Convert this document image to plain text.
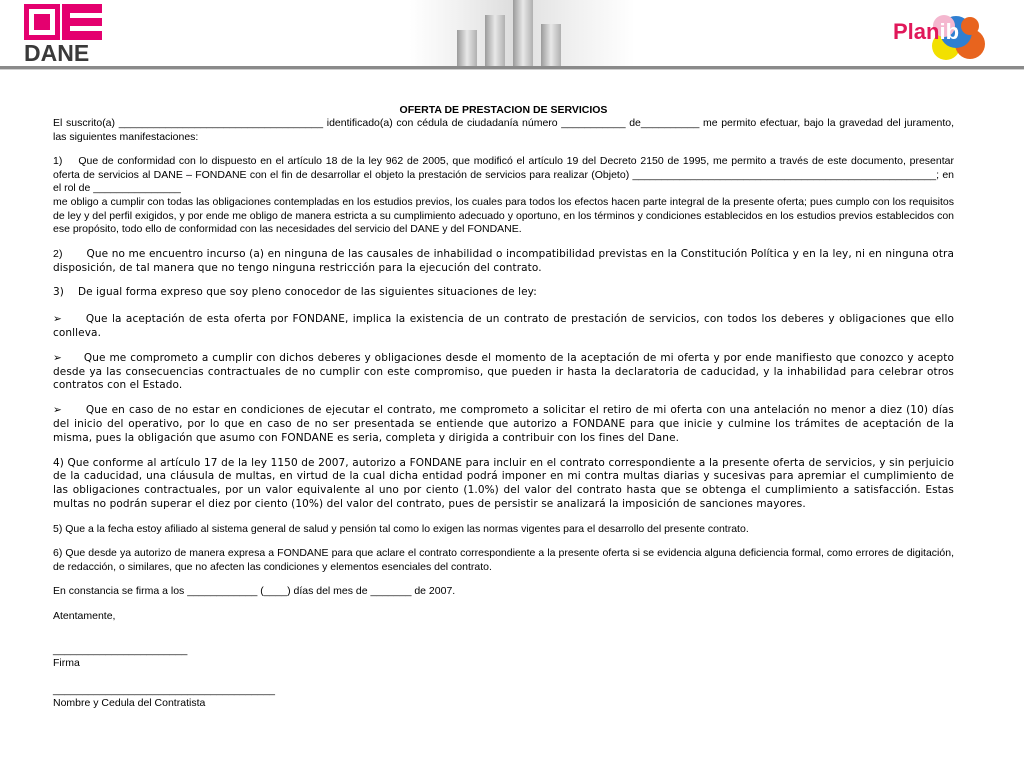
DANE
Planib
OFERTA DE PRESTACION DE SERVICIOS

El suscrito(a) ___________________________________ identificado(a) con cédula de ciudadanía número ___________ de__________ me permito efectuar, bajo la gravedad del juramento, las siguientes manifestaciones:

1) Que de conformidad con lo dispuesto en el artículo 18 de la ley 962 de 2005, que modificó el artículo 19 del Decreto 2150 de 1995, me permito a través de este documento, presentar oferta de servicios al DANE – FONDANE con el fin de desarrollar el objeto la prestación de servicios para realizar (Objeto) ____________________________________________________; en el rol de _______________

me obligo a cumplir con todas las obligaciones contempladas en los estudios previos, los cuales para todos los efectos hacen parte integral de la presente oferta; pues cumplo con los requisitos de ley y del perfil exigidos, y por ende me obligo de manera estricta a su cumplimiento adecuado y oportuno, en los términos y condiciones establecidos en los estudios previos establecidos con ese propósito, todo ello de conformidad con las necesidades del servicio del DANE y del FONDANE.

2) Que no me encuentro incurso (a) en ninguna de las causales de inhabilidad o incompatibilidad previstas en la Constitución Política y en la ley, ni en ninguna otra disposición, de tal manera que no tengo ninguna restricción para la ejecución del contrato.

3) De igual forma expreso que soy pleno conocedor de las siguientes situaciones de ley:

➢ Que la aceptación de esta oferta por FONDANE, implica la existencia de un contrato de prestación de servicios, con todos los deberes y obligaciones que ello conlleva.

➢ Que me comprometo a cumplir con dichos deberes y obligaciones desde el momento de la aceptación de mi oferta y por ende manifiesto que conozco y acepto desde ya las consecuencias contractuales de no cumplir con este compromiso, que pueden ir hasta la declaratoria de caducidad, y la inhabilidad para celebrar otros contratos con el Estado.

➢ Que en caso de no estar en condiciones de ejecutar el contrato, me comprometo a solicitar el retiro de mi oferta con una antelación no menor a diez (10) días del inicio del operativo, por lo que en caso de no ser presentada se entiende que autorizo a FONDANE para que inicie y culmine los trámites de aceptación de la misma, pues la obligación que asumo con FONDANE es seria, completa y dirigida a contribuir con los fines del Dane.

4) Que conforme al artículo 17 de la ley 1150 de 2007, autorizo a FONDANE para incluir en el contrato correspondiente a la presente oferta de servicios, y sin perjuicio de la caducidad, una cláusula de multas, en virtud de la cual dicha entidad podrá imponer en mi contra multas diarias y sucesivas para apremiar el cumplimiento de las obligaciones contractuales, por un valor equivalente al uno por ciento (1.0%) del valor del contrato hasta que se obtenga el cumplimiento a satisfacción. Estas multas no podrán superar el diez por ciento (10%) del valor del contrato, pues de persistir se analizará la imposición de sanciones mayores.

5) Que a la fecha estoy afiliado al sistema general de salud y pensión tal como lo exigen las normas vigentes para el desarrollo del presente contrato.

6) Que desde ya autorizo de manera expresa a FONDANE para que aclare el contrato correspondiente a la presente oferta si se evidencia alguna deficiencia formal, como errores de digitación, de redacción, o similares, que no afecten las condiciones y elementos esenciales del contrato.

En constancia se firma a los ____________ (____) días del mes de _______ de 2007.

Atentamente,

_______________________

Firma

______________________________________

Nombre y Cedula del Contratista
